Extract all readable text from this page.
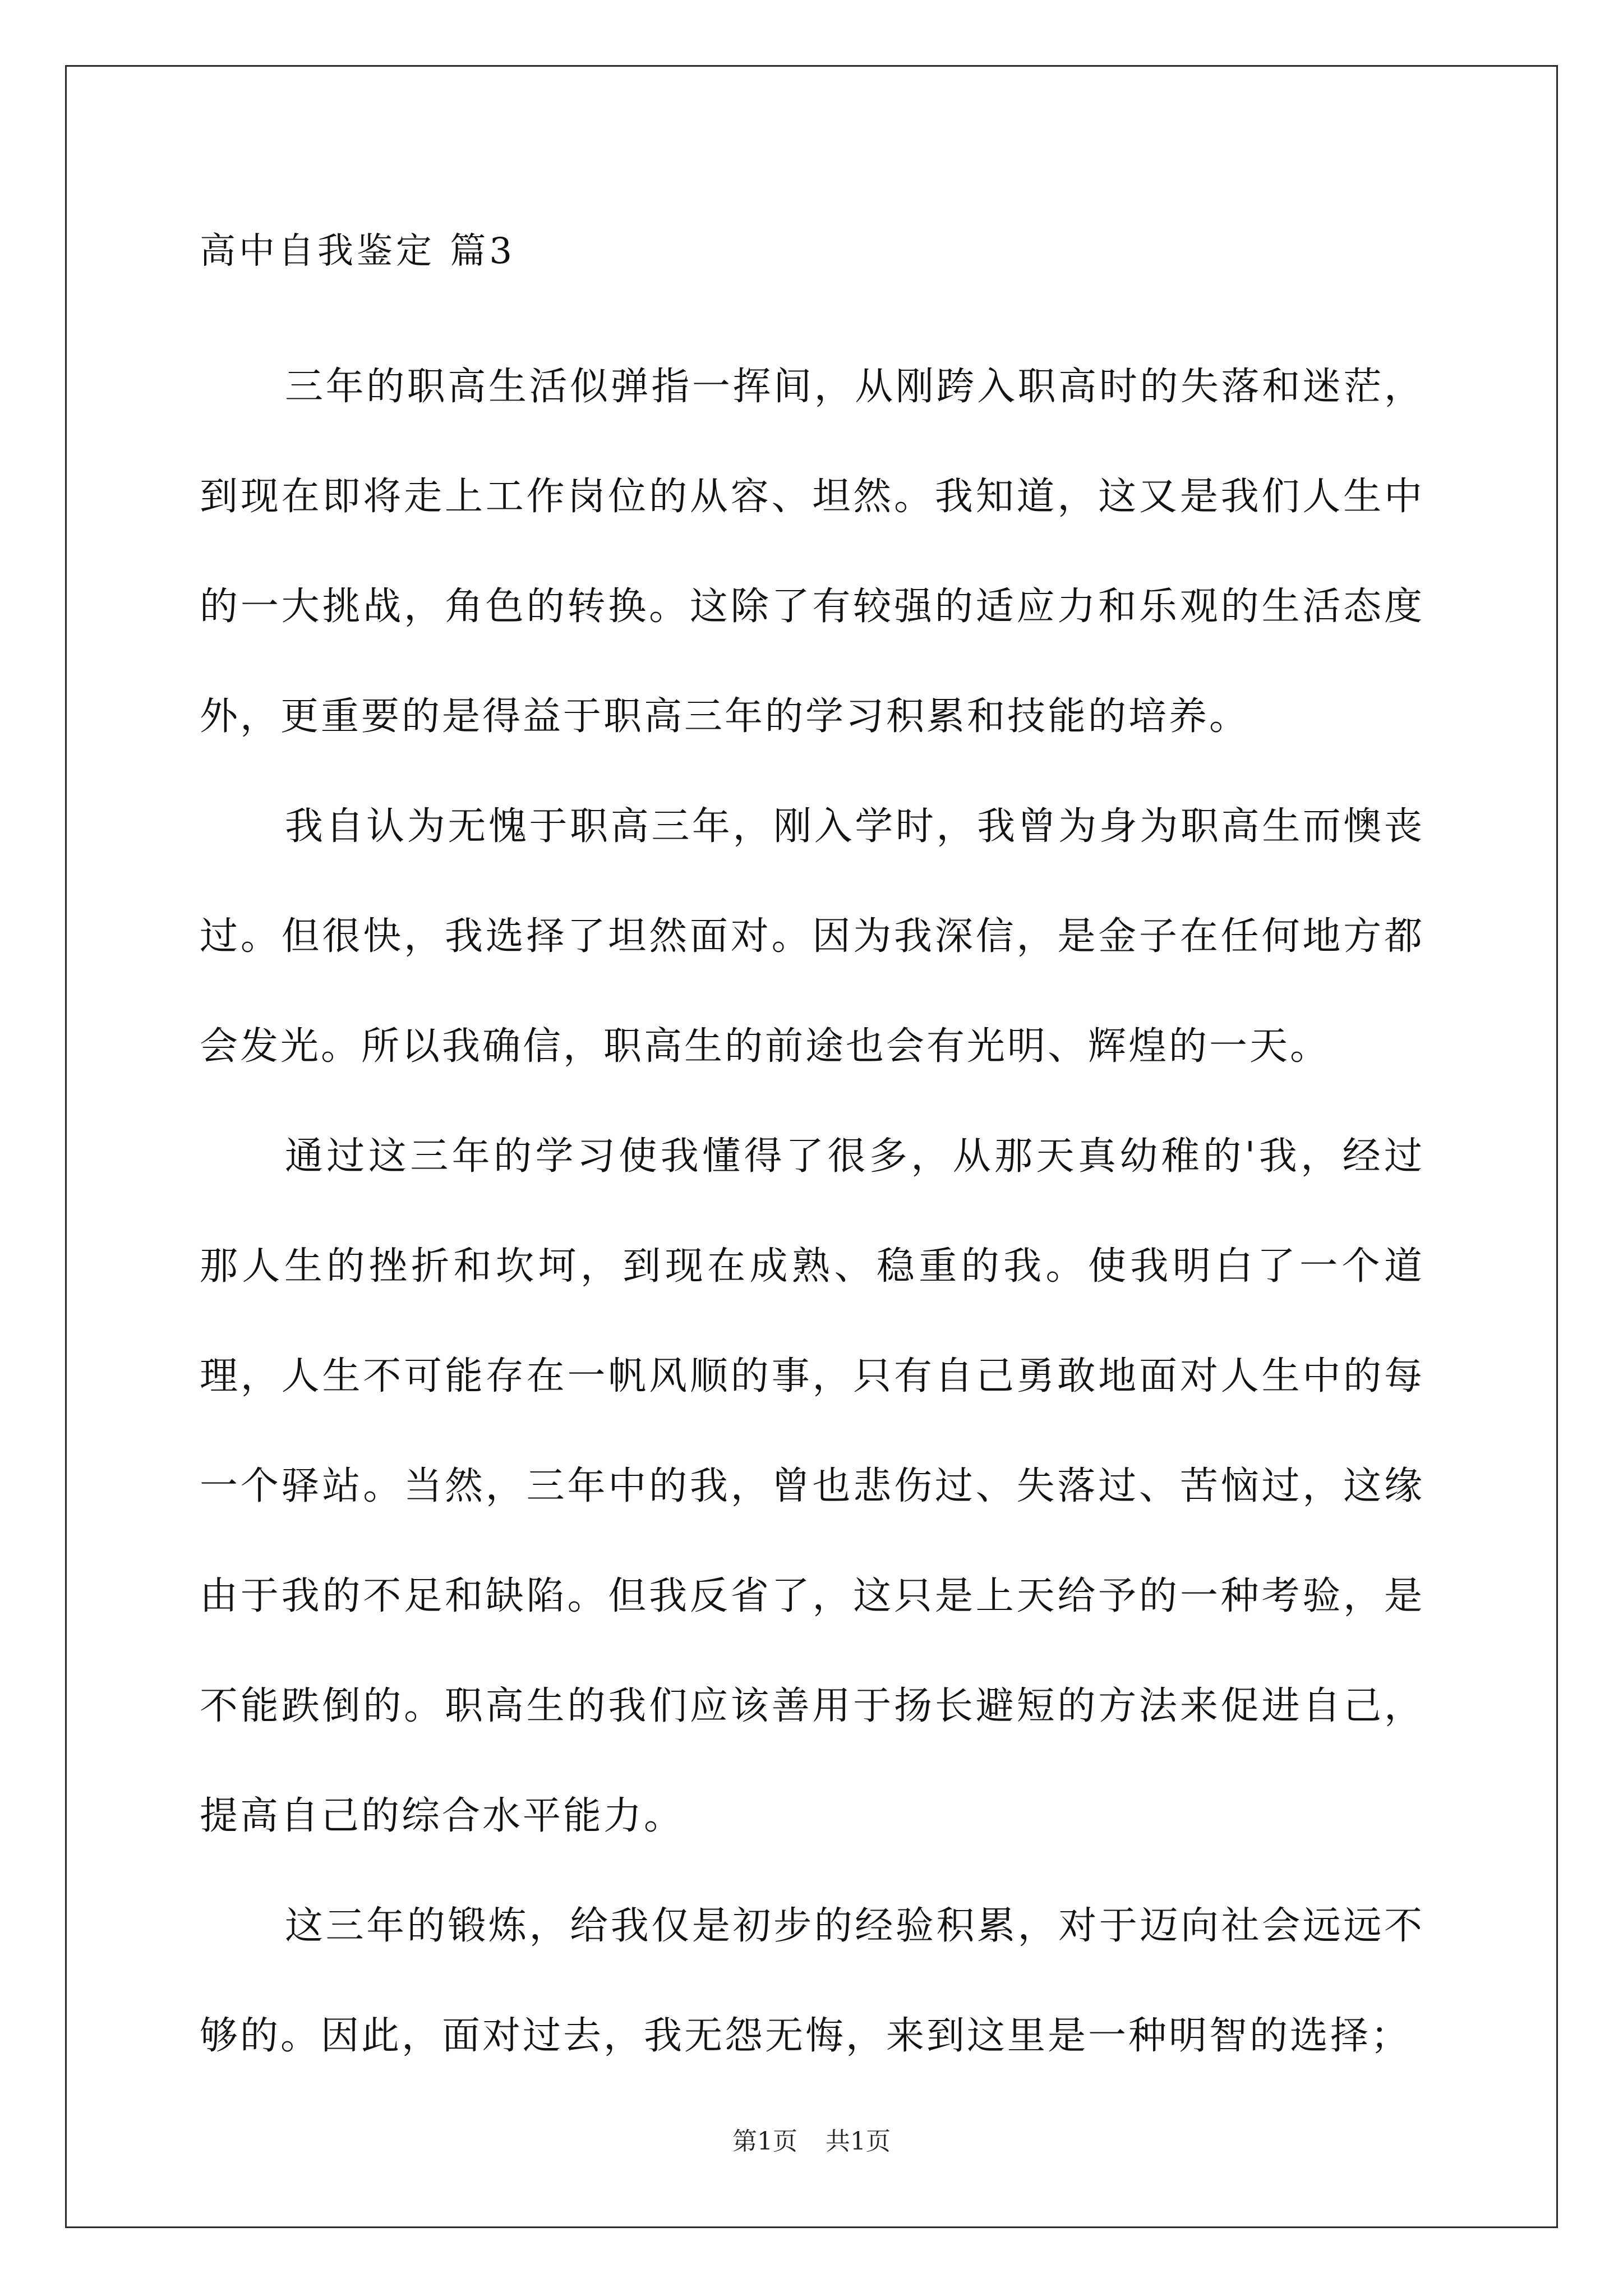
高中自我鉴定 篇3

三年的职高生活似弹指一挥间，从刚跨入职高时的失落和迷茫，到现在即将走上工作岗位的从容、坦然。我知道，这又是我们人生中的一大挑战，角色的转换。这除了有较强的适应力和乐观的生活态度外，更重要的是得益于职高三年的学习积累和技能的培养。

我自认为无愧于职高三年，刚入学时，我曾为身为职高生而懊丧过。但很快，我选择了坦然面对。因为我深信，是金子在任何地方都会发光。所以我确信，职高生的前途也会有光明、辉煌的一天。

通过这三年的学习使我懂得了很多，从那天真幼稚的'我，经过那人生的挫折和坎坷，到现在成熟、稳重的我。使我明白了一个道理，人生不可能存在一帆风顺的事，只有自己勇敢地面对人生中的每一个驿站。当然，三年中的我，曾也悲伤过、失落过、苦恼过，这缘由于我的不足和缺陷。但我反省了，这只是上天给予的一种考验，是不能跌倒的。职高生的我们应该善用于扬长避短的方法来促进自己，提高自己的综合水平能力。

这三年的锻炼，给我仅是初步的经验积累，对于迈向社会远远不够的。因此，面对过去，我无怨无悔，来到这里是一种明智的选择；

第1页 共1页
